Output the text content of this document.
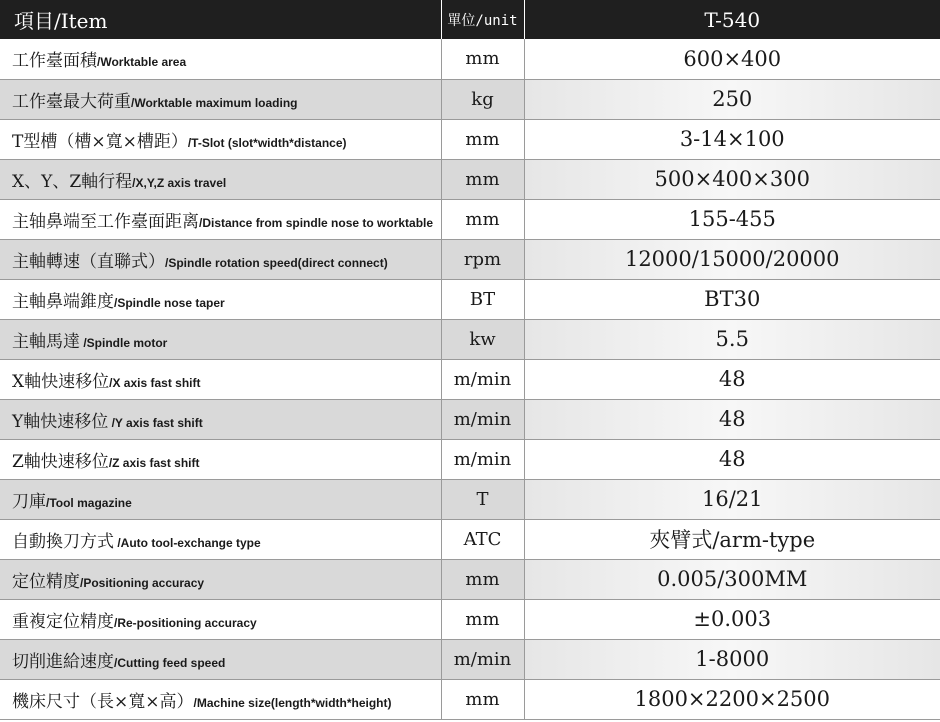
項目/Item	單位/unit	T-540
工作臺面積/Worktable area	mm	600×400
工作臺最大荷重/Worktable maximum loading	kg	250
T型槽（槽×寬×槽距）/T-Slot (slot*width*distance)	mm	3-14×100
X、Y、Z軸行程/X,Y,Z axis travel	mm	500×400×300
主轴鼻端至工作臺面距离/Distance from spindle nose to worktable	mm	155-455
主軸轉速（直聯式）/Spindle rotation speed(direct connect)	rpm	12000/15000/20000
主軸鼻端錐度/Spindle nose taper	BT	BT30
主軸馬達 /Spindle motor	kw	5.5
X軸快速移位/X axis fast shift	m/min	48
Y軸快速移位 /Y axis fast shift	m/min	48
Z軸快速移位/Z axis fast shift	m/min	48
刀庫/Tool magazine	T	16/21
自動換刀方式 /Auto tool-exchange type	ATC	夾臂式/arm-type
定位精度/Positioning accuracy	mm	0.005/300MM
重複定位精度/Re-positioning accuracy	mm	±0.003
切削進給速度/Cutting feed speed	m/min	1-8000
機床尺寸（長×寬×高）/Machine size(length*width*height)	mm	1800×2200×2500
